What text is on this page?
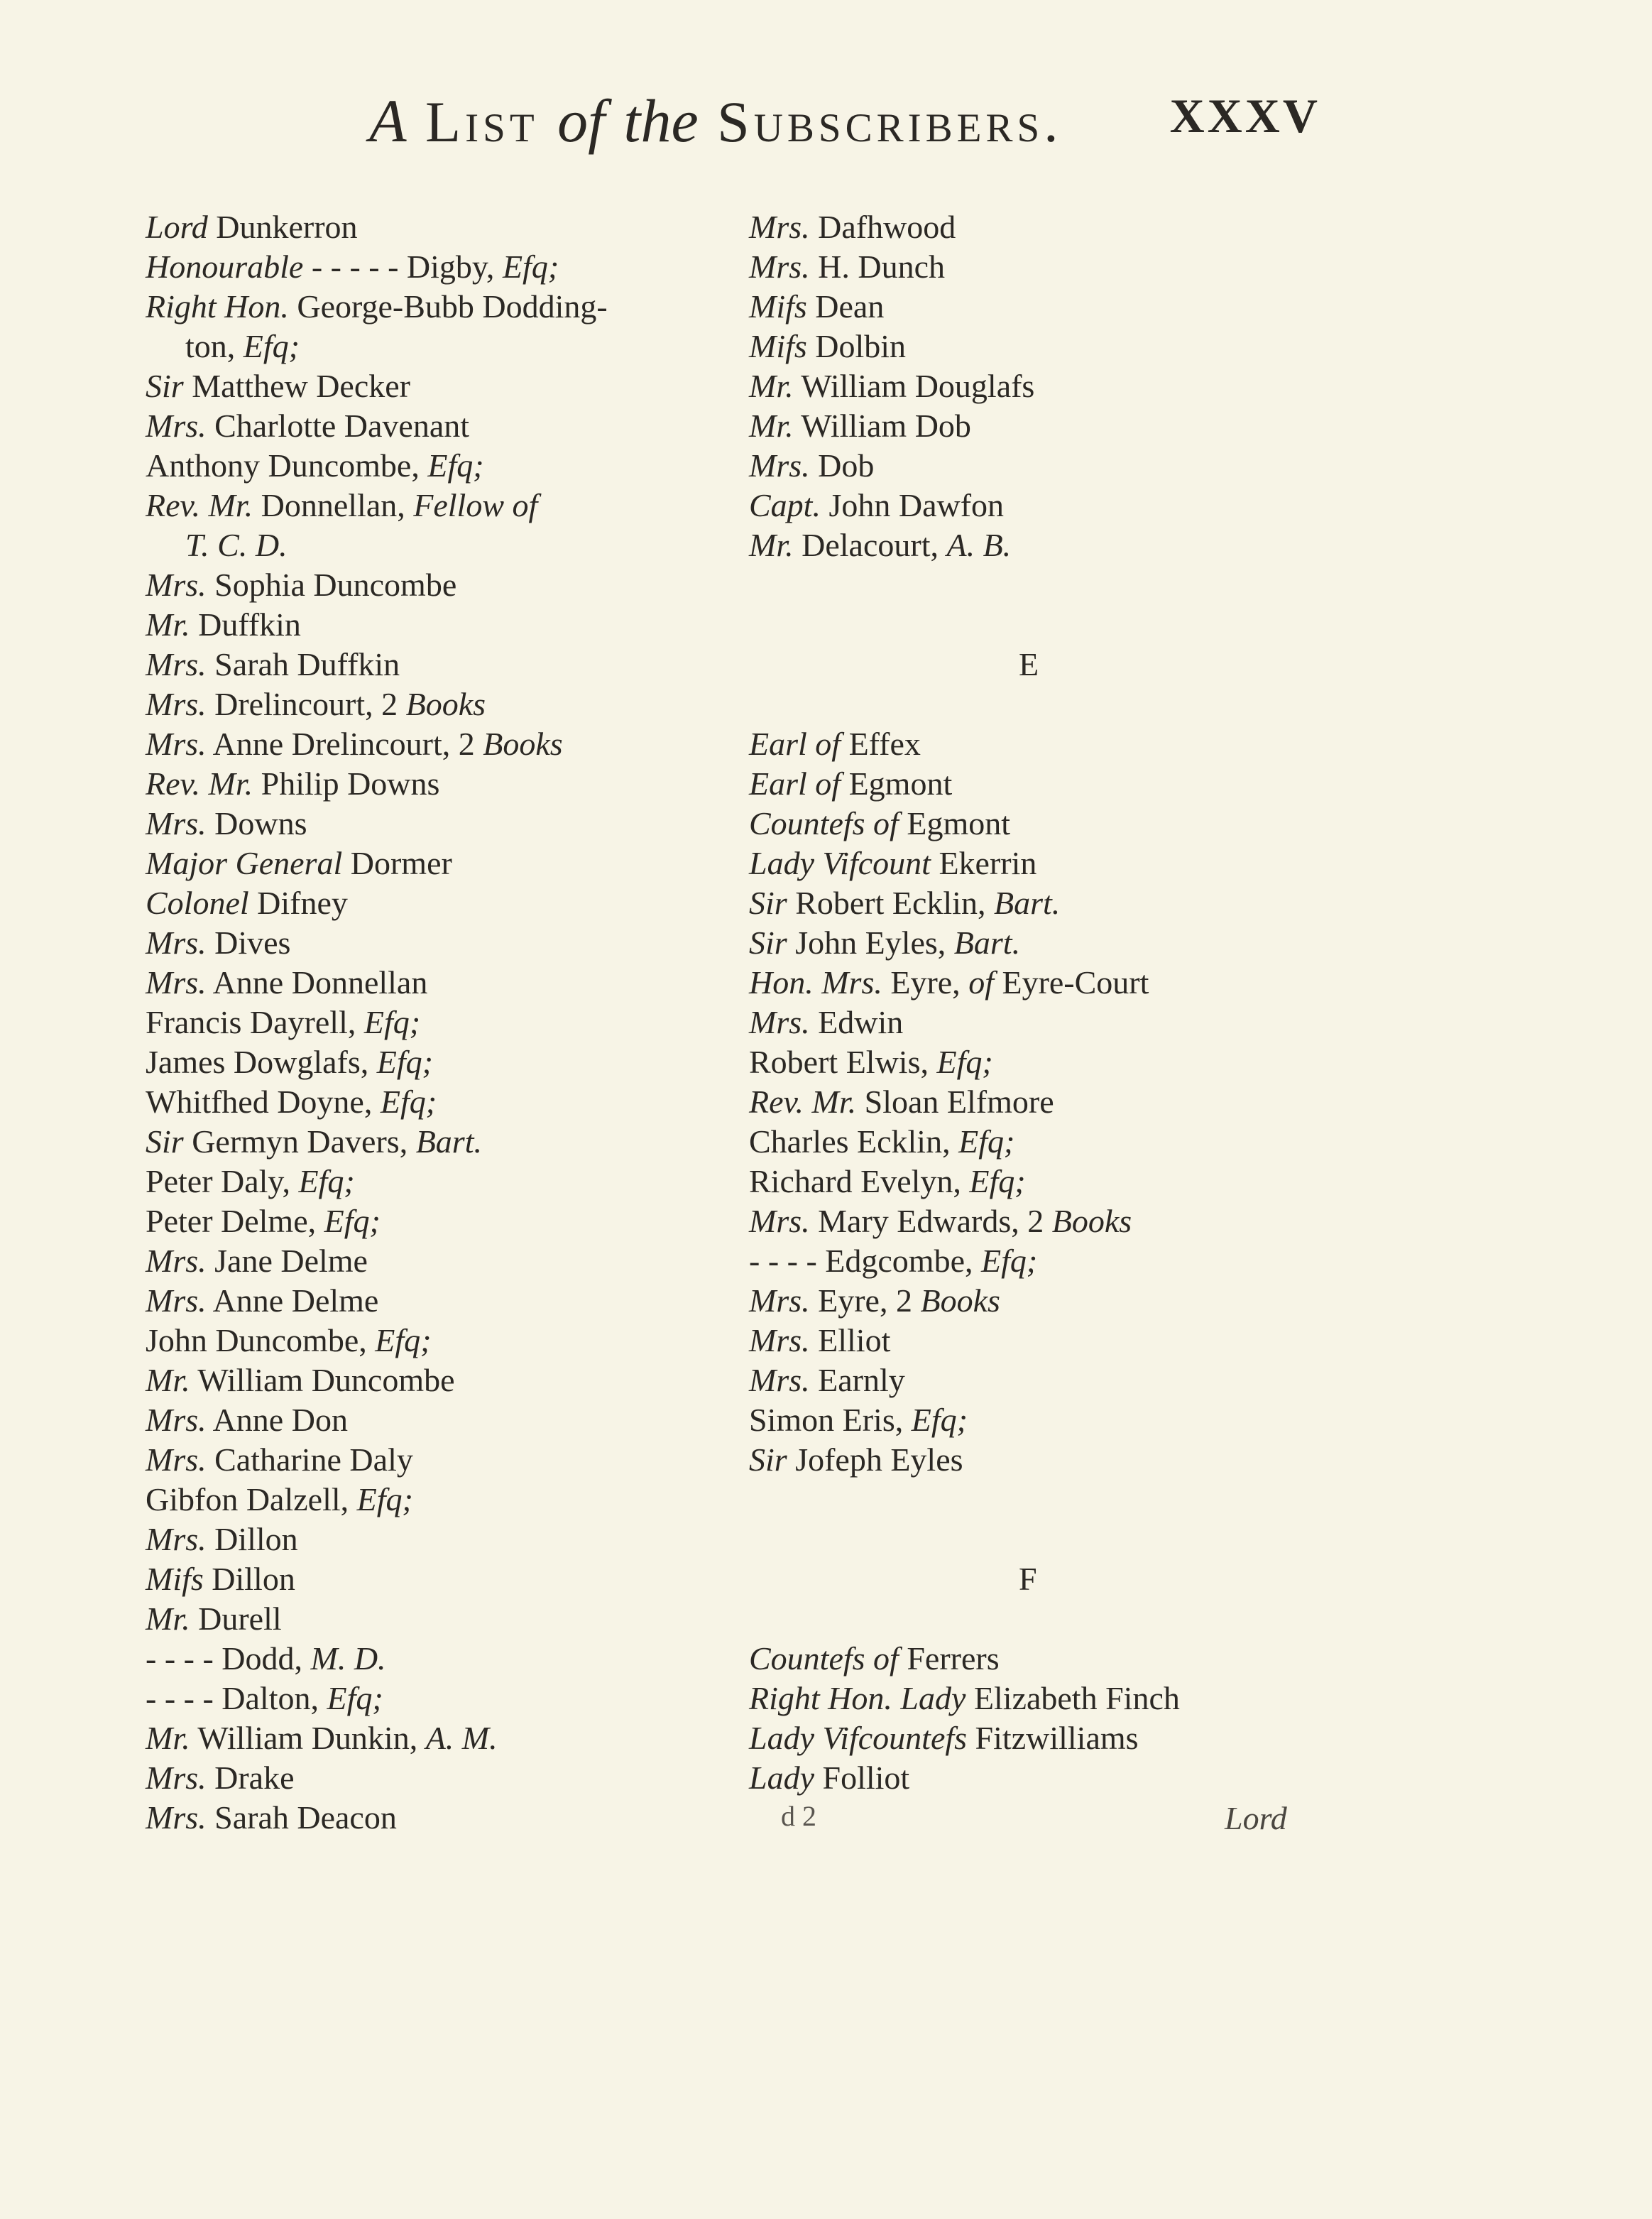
A List of the Subscribers. XXXV
Lord Dunkerron
Honourable - - - - - Digby, Efq;
Right Hon. George-Bubb Dodding-
ton, Efq;
Sir Matthew Decker
Mrs. Charlotte Davenant
Anthony Duncombe, Efq;
Rev. Mr. Donnellan, Fellow of
T. C. D.
Mrs. Sophia Duncombe
Mr. Duffkin
Mrs. Sarah Duffkin
Mrs. Drelincourt, 2 Books
Mrs. Anne Drelincourt, 2 Books
Rev. Mr. Philip Downs
Mrs. Downs
Major General Dormer
Colonel Difney
Mrs. Dives
Mrs. Anne Donnellan
Francis Dayrell, Efq;
James Dowglafs, Efq;
Whitfhed Doyne, Efq;
Sir Germyn Davers, Bart.
Peter Daly, Efq;
Peter Delme, Efq;
Mrs. Jane Delme
Mrs. Anne Delme
John Duncombe, Efq;
Mr. William Duncombe
Mrs. Anne Don
Mrs. Catharine Daly
Gibfon Dalzell, Efq;
Mrs. Dillon
Mifs Dillon
Mr. Durell
- - - - Dodd, M. D.
- - - - Dalton, Efq;
Mr. William Dunkin, A. M.
Mrs. Drake
Mrs. Sarah Deacon
Mrs. Dafhwood
Mrs. H. Dunch
Mifs Dean
Mifs Dolbin
Mr. William Douglafs
Mr. William Dob
Mrs. Dob
Capt. John Dawfon
Mr. Delacourt, A. B.
E
Earl of Effex
Earl of Egmont
Countefs of Egmont
Lady Vifcount Ekerrin
Sir Robert Ecklin, Bart.
Sir John Eyles, Bart.
Hon. Mrs. Eyre, of Eyre-Court
Mrs. Edwin
Robert Elwis, Efq;
Rev. Mr. Sloan Elfmore
Charles Ecklin, Efq;
Richard Evelyn, Efq;
Mrs. Mary Edwards, 2 Books
- - - - Edgcombe, Efq;
Mrs. Eyre, 2 Books
Mrs. Elliot
Mrs. Earnly
Simon Eris, Efq;
Sir Jofeph Eyles
F
Countefs of Ferrers
Right Hon. Lady Elizabeth Finch
Lady Vifcountefs Fitzwilliams
Lady Folliot
d 2	Lord
